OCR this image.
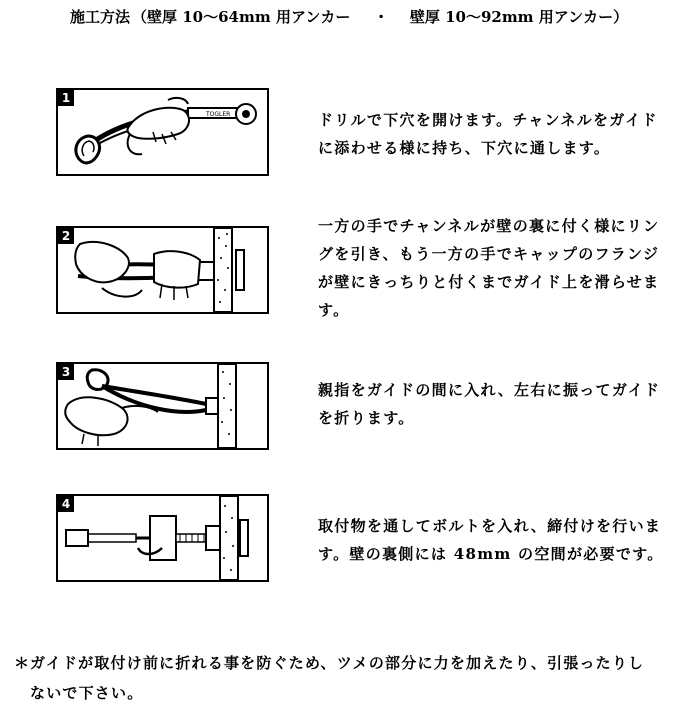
施工方法 （壁厚 10〜64mm 用アンカー ・ 壁厚 10〜92mm 用アンカー）
1
TOGLER	ドリルで下穴を開けます。チャンネルをガイド
に添わせる様に持ち、下穴に通します。
2
一方の手でチャンネルが壁の裏に付く様にリン
グを引き、もう一方の手でキャップのフランジ
が壁にきっちりと付くまでガイド上を滑らせま
す。
3
親指をガイドの間に入れ、左右に振ってガイド
を折ります。
4
取付物を通してボルトを入れ、締付けを行いま
す。壁の裏側には 48mm の空間が必要です。
＊ガイドが取付け前に折れる事を防ぐため、ツメの部分に力を加えたり、引張ったりし
ないで下さい。
